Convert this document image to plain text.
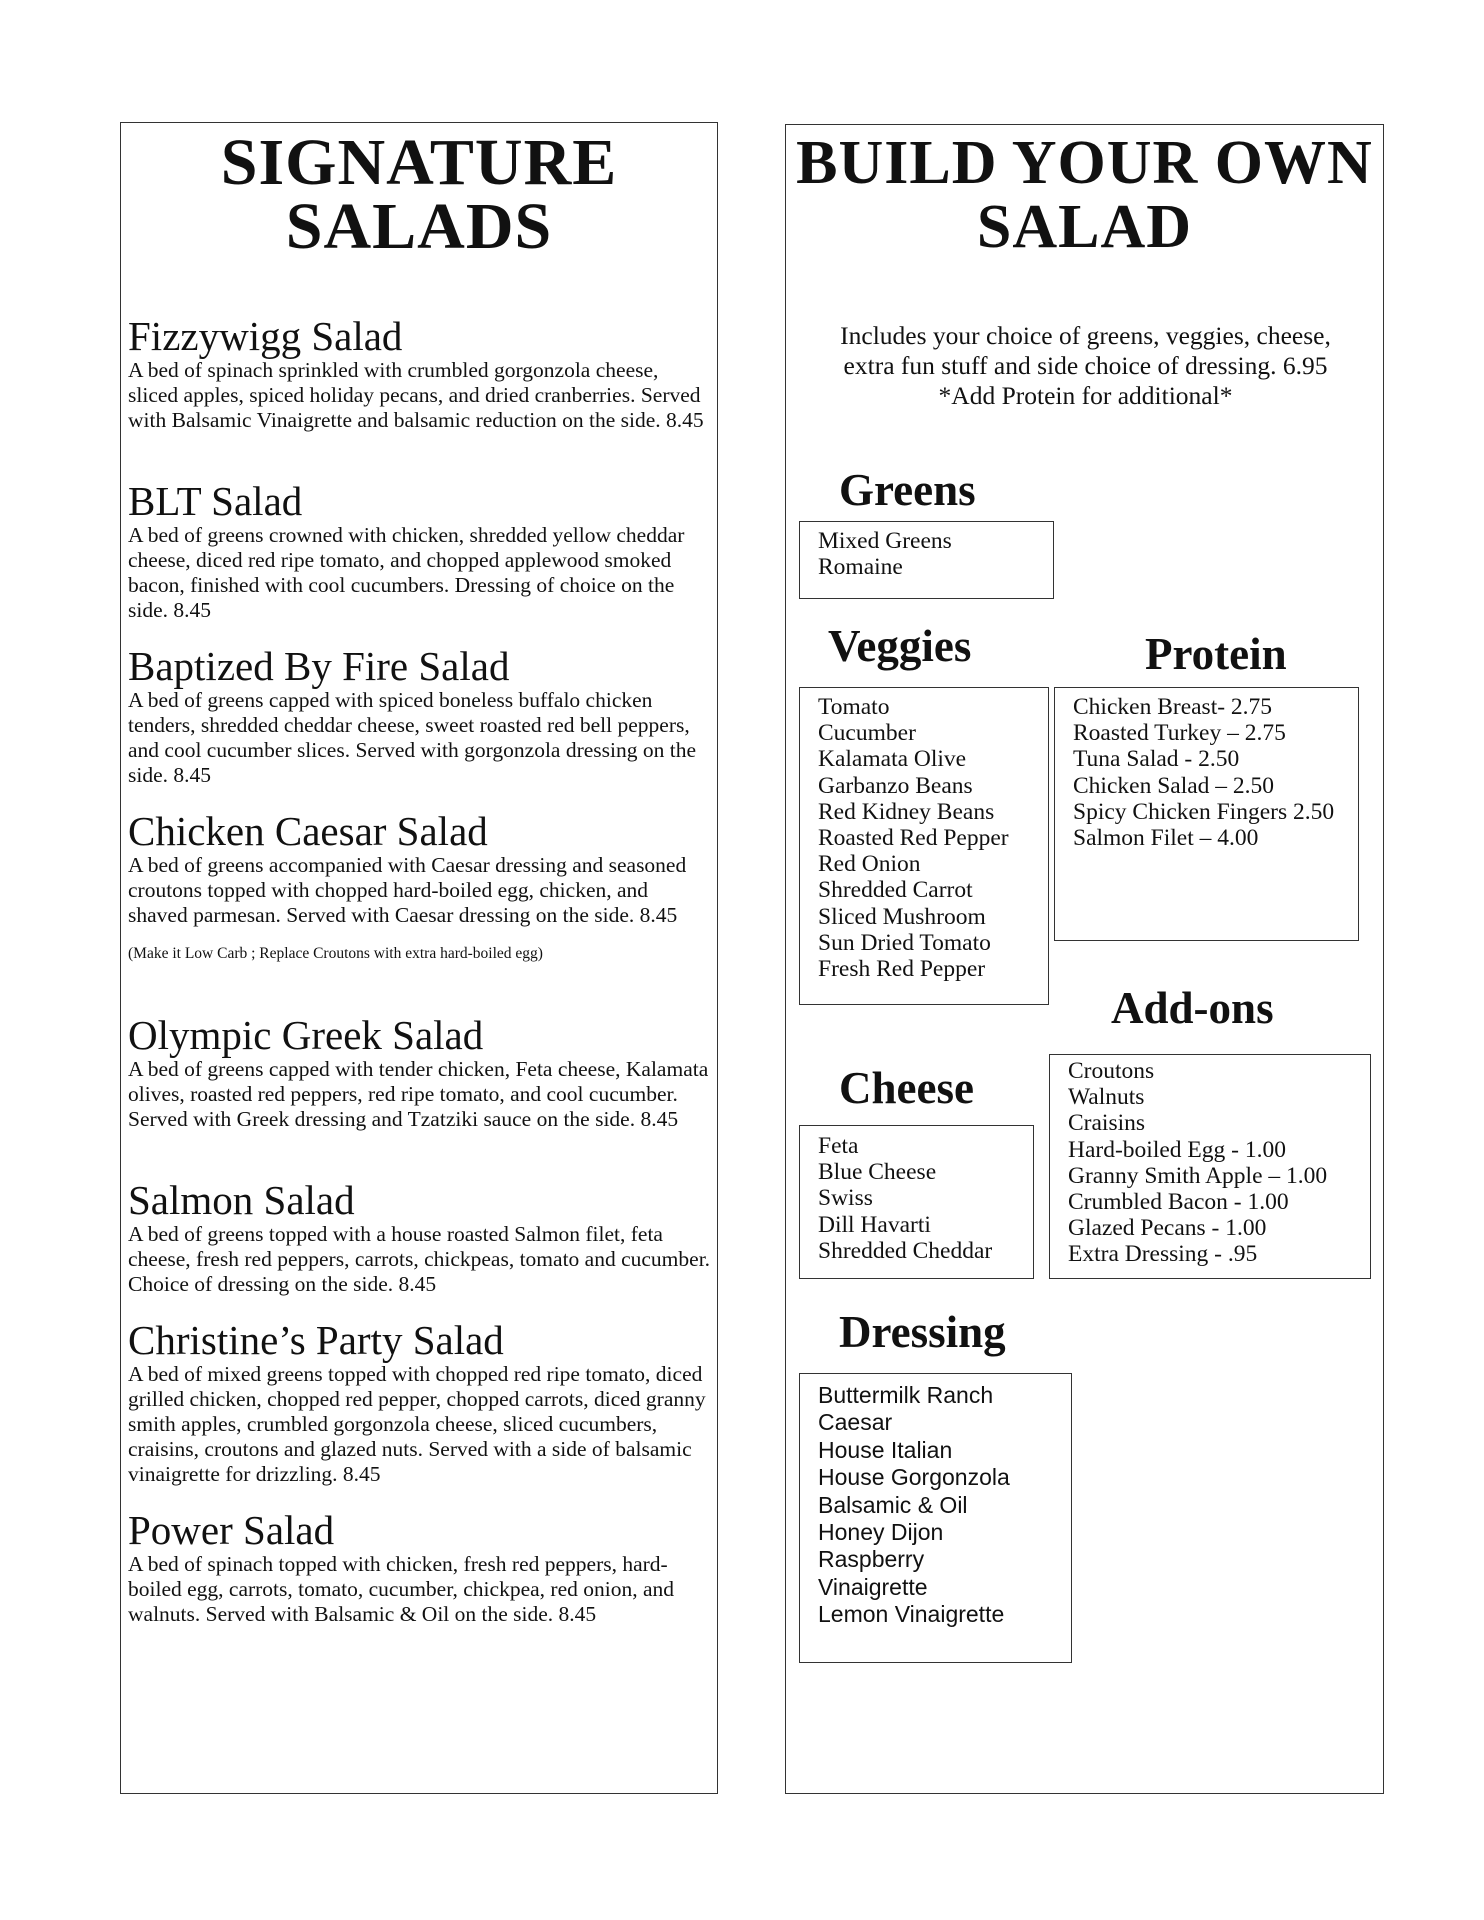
SIGNATURE
SALADS
Fizzywigg Salad
A bed of spinach sprinkled with crumbled gorgonzola cheese, sliced apples, spiced holiday pecans, and dried cranberries. Served with Balsamic Vinaigrette and balsamic reduction on the side. 8.45
BLT Salad
A bed of greens crowned with chicken, shredded yellow cheddar cheese, diced red ripe tomato, and chopped applewood smoked bacon, finished with cool cucumbers. Dressing of choice on the side. 8.45
Baptized By Fire Salad
A bed of greens capped with spiced boneless buffalo chicken tenders, shredded cheddar cheese, sweet roasted red bell peppers, and cool cucumber slices. Served with gorgonzola dressing on the side. 8.45
Chicken Caesar Salad
A bed of greens accompanied with Caesar dressing and seasoned croutons topped with chopped hard-boiled egg, chicken, and shaved parmesan. Served with Caesar dressing on the side. 8.45
(Make it Low Carb ; Replace Croutons with extra hard-boiled egg)
Olympic Greek Salad
A bed of greens capped with tender chicken, Feta cheese, Kalamata olives, roasted red peppers, red ripe tomato, and cool cucumber. Served with Greek dressing and Tzatziki sauce on the side. 8.45
Salmon Salad
A bed of greens topped with a house roasted Salmon filet, feta cheese, fresh red peppers, carrots, chickpeas, tomato and cucumber. Choice of dressing on the side. 8.45
Christine’s Party Salad
A bed of mixed greens topped with chopped red ripe tomato, diced grilled chicken, chopped red pepper, chopped carrots, diced granny smith apples, crumbled gorgonzola cheese, sliced cucumbers, craisins, croutons and glazed nuts. Served with a side of balsamic vinaigrette for drizzling. 8.45
Power Salad
A bed of spinach topped with chicken, fresh red peppers, hard-boiled egg, carrots, tomato, cucumber, chickpea, red onion, and walnuts. Served with Balsamic & Oil on the side. 8.45
BUILD YOUR OWN
SALAD
Includes your choice of greens, veggies, cheese,
extra fun stuff and side choice of dressing. 6.95
*Add Protein for additional*
Greens
Mixed Greens
Romaine
Veggies
Tomato
Cucumber
Kalamata Olive
Garbanzo Beans
Red Kidney Beans
Roasted Red Pepper
Red Onion
Shredded Carrot
Sliced Mushroom
Sun Dried Tomato
Fresh Red Pepper
Protein
Chicken Breast- 2.75
Roasted Turkey – 2.75
Tuna Salad - 2.50
Chicken Salad – 2.50
Spicy Chicken Fingers 2.50
Salmon Filet – 4.00
Add-ons
Croutons
Walnuts
Craisins
Hard-boiled Egg - 1.00
Granny Smith Apple – 1.00
Crumbled Bacon - 1.00
Glazed Pecans - 1.00
Extra Dressing - .95
Cheese
Feta
Blue Cheese
Swiss
Dill Havarti
Shredded Cheddar
Dressing
Buttermilk Ranch
Caesar
House Italian
House Gorgonzola
Balsamic & Oil
Honey Dijon
Raspberry
Vinaigrette
Lemon Vinaigrette
